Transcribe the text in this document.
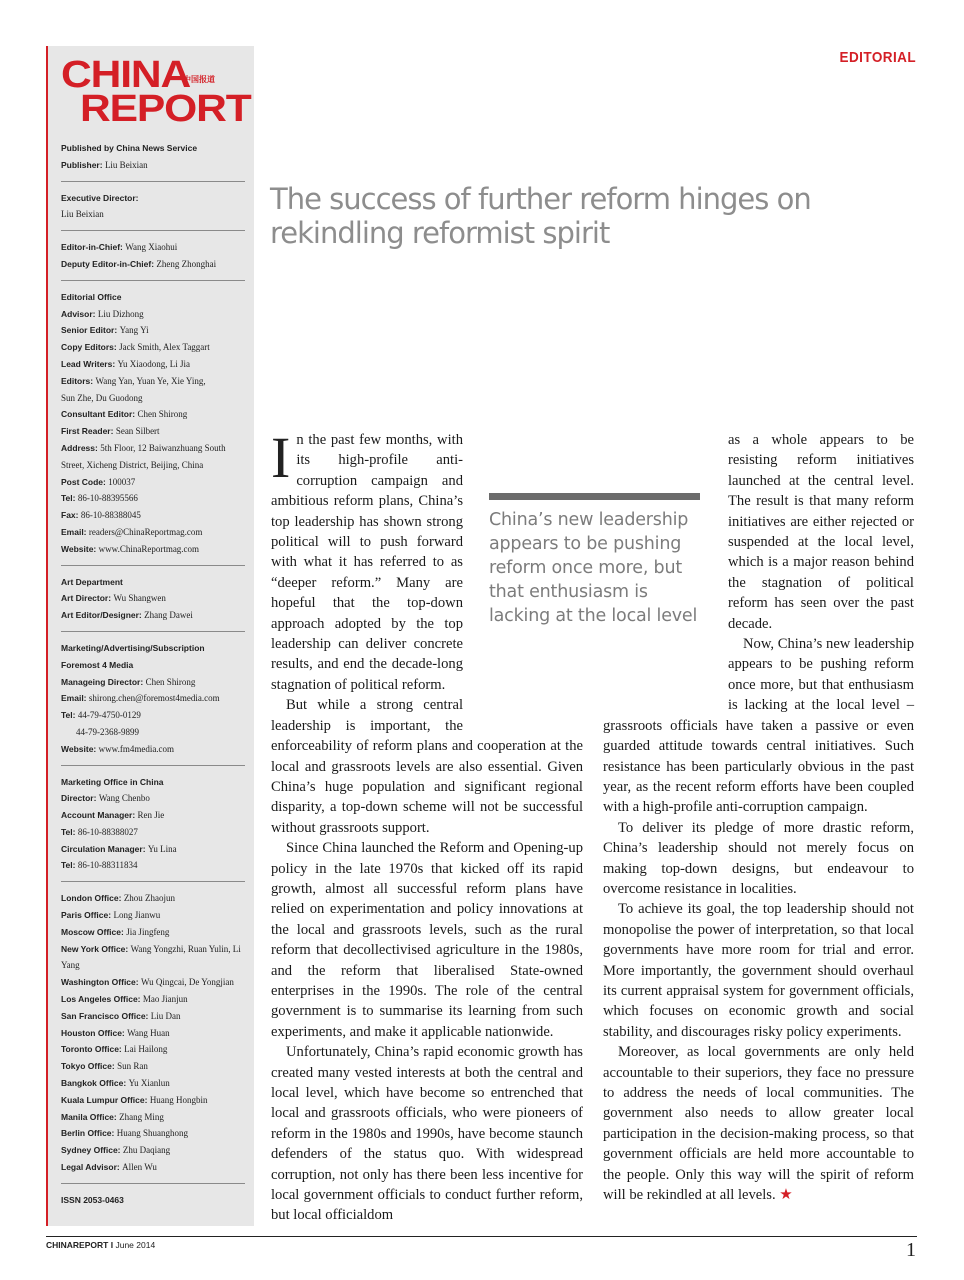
CHINA
REPORT
中国报道
Published by China News Service
Publisher: Liu Beixian
Executive Director:
Liu Beixian
Editor-in-Chief: Wang Xiaohui
Deputy Editor-in-Chief: Zheng Zhonghai
Editorial Office
Advisor: Liu Dizhong
Senior Editor: Yang Yi
Copy Editors: Jack Smith, Alex Taggart
Lead Writers: Yu Xiaodong, Li Jia
Editors: Wang Yan, Yuan Ye, Xie Ying,
Sun Zhe, Du Guodong
Consultant Editor: Chen Shirong
First Reader: Sean Silbert
Address: 5th Floor, 12 Baiwanzhuang South
Street, Xicheng District, Beijing, China
Post Code: 100037
Tel: 86-10-88395566
Fax: 86-10-88388045
Email: readers@ChinaReportmag.com
Website: www.ChinaReportmag.com
Art Department
Art Director: Wu Shangwen
Art Editor/Designer: Zhang Dawei
Marketing/Advertising/Subscription
Foremost 4 Media
Manageing Director: Chen Shirong
Email: shirong.chen@foremost4media.com
Tel: 44-79-4750-0129
44-79-2368-9899
Website: www.fm4media.com
Marketing Office in China
Director: Wang Chenbo
Account Manager: Ren Jie
Tel: 86-10-88388027
Circulation Manager: Yu Lina
Tel: 86-10-88311834
London Office: Zhou Zhaojun
Paris Office: Long Jianwu
Moscow Office: Jia Jingfeng
New York Office: Wang Yongzhi, Ruan Yulin, Li Yang
Washington Office: Wu Qingcai, De Yongjian
Los Angeles Office: Mao Jianjun
San Francisco Office: Liu Dan
Houston Office: Wang Huan
Toronto Office: Lai Hailong
Tokyo Office: Sun Ran
Bangkok Office: Yu Xianlun
Kuala Lumpur Office: Huang Hongbin
Manila Office: Zhang Ming
Berlin Office: Huang Shuanghong
Sydney Office: Zhu Daqiang
Legal Advisor: Allen Wu
ISSN 2053-0463
EDITORIAL
The success of further reform hinges on rekindling reformist spirit

I n the past few months, with its high-profile anti-corruption campaign and ambitious reform plans, China’s top leadership has shown strong political will to push forward with what it has referred to as “deeper reform.” Many are hopeful that the top-down approach adopted by the top leadership can deliver concrete results, and end the decade-long stagnation of political reform.

But while a strong central leadership is important, the enforceability of reform plans and cooperation at the local and grassroots levels are also essential. Given China’s huge population and significant regional disparity, a top-down scheme will not be successful without grassroots support.

Since China launched the Reform and Opening-up policy in the late 1970s that kicked off its rapid growth, almost all successful reform plans have relied on experimentation and policy innovations at the local and grassroots levels, such as the rural reform that decollectivised agriculture in the 1980s, and the reform that liberalised State-owned enterprises in the 1990s. The role of the central government is to summarise its learning from such experiments, and make it applicable nationwide.

Unfortunately, China’s rapid economic growth has created many vested interests at both the central and local level, which have become so entrenched that local and grassroots officials, who were pioneers of reform in the 1980s and 1990s, have become staunch defenders of the status quo. With widespread corruption, not only has there been less incentive for local government officials to conduct further reform, but local officialdom

as a whole appears to be resisting reform initiatives launched at the central level. The result is that many reform initiatives are either rejected or suspended at the local level, which is a major reason behind the stagnation of political reform has seen over the past decade.

Now, China’s new leadership appears to be pushing reform once more, but that enthusiasm is lacking at the local level – grassroots officials have taken a passive or even guarded attitude towards central initiatives. Such resistance has been particularly obvious in the past year, as the recent reform efforts have been coupled with a high-profile anti-corruption campaign.

To deliver its pledge of more drastic reform, China’s leadership should not merely focus on making top-down designs, but endeavour to overcome resistance in localities.

To achieve its goal, the top leadership should not monopolise the power of interpretation, so that local governments have more room for trial and error. More importantly, the government should overhaul its current appraisal system for government officials, which focuses on economic growth and social stability, and discourages risky policy experiments.

Moreover, as local governments are only held accountable to their superiors, they face no pressure to address the needs of local communities. The government also needs to allow greater local participation in the decision-making process, so that government officials are held more accountable to the people. Only this way will the spirit of reform will be rekindled at all levels. ★

China’s new leadership appears to be pushing reform once more, but that enthusiasm is lacking at the local level
CHINAREPORT I June 2014	1
